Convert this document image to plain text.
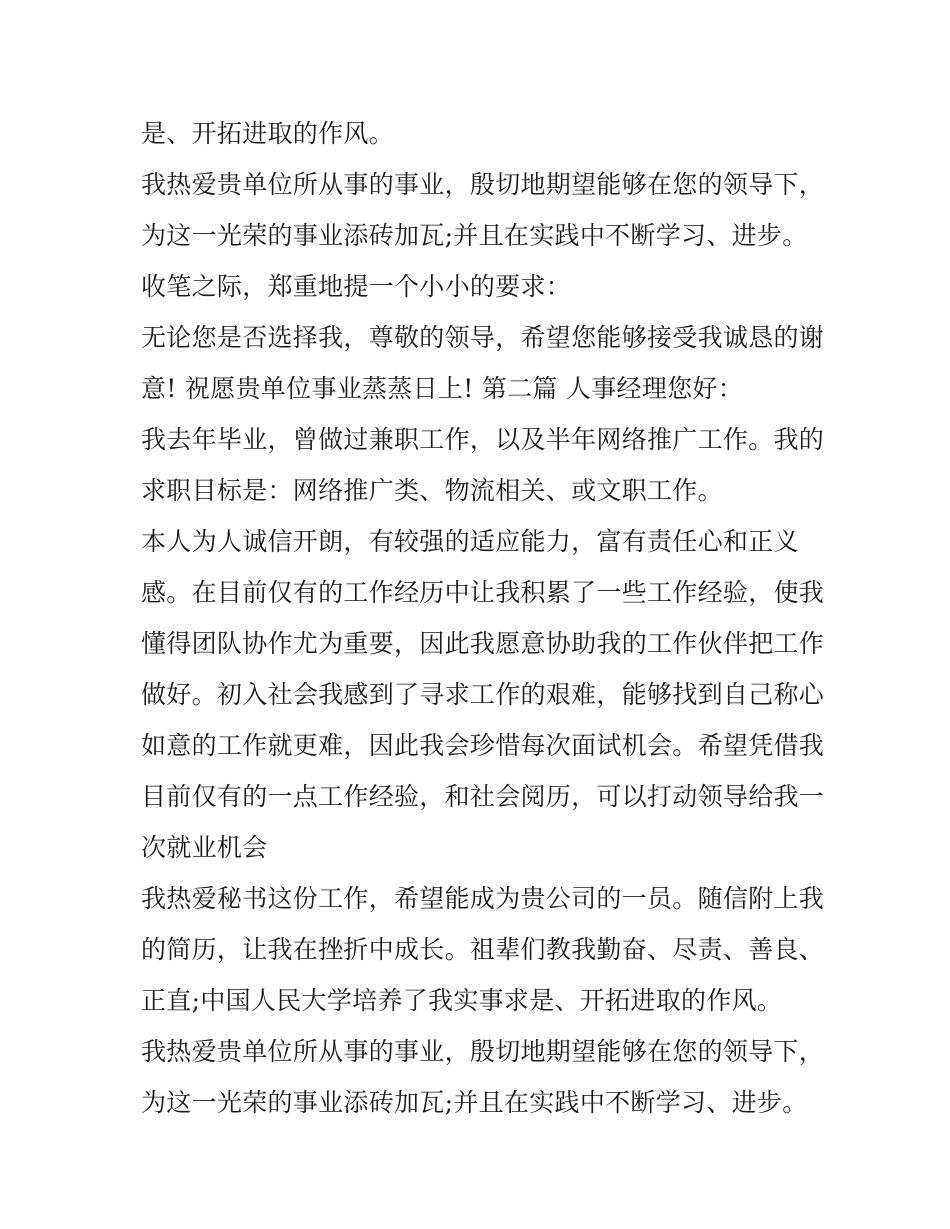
是、开拓进取的作风。
我热爱贵单位所从事的事业，殷切地期望能够在您的领导下，
为这一光荣的事业添砖加瓦;并且在实践中不断学习、进步。
收笔之际，郑重地提一个小小的要求：
无论您是否选择我，尊敬的领导，希望您能够接受我诚恳的谢
意! 祝愿贵单位事业蒸蒸日上! 第二篇 人事经理您好：
我去年毕业，曾做过兼职工作，以及半年网络推广工作。我的
求职目标是：网络推广类、物流相关、或文职工作。
本人为人诚信开朗，有较强的适应能力，富有责任心和正义
感。在目前仅有的工作经历中让我积累了一些工作经验，使我
懂得团队协作尤为重要，因此我愿意协助我的工作伙伴把工作
做好。初入社会我感到了寻求工作的艰难，能够找到自己称心
如意的工作就更难，因此我会珍惜每次面试机会。希望凭借我
目前仅有的一点工作经验，和社会阅历，可以打动领导给我一
次就业机会
我热爱秘书这份工作，希望能成为贵公司的一员。随信附上我
的简历，让我在挫折中成长。祖辈们教我勤奋、尽责、善良、
正直;中国人民大学培养了我实事求是、开拓进取的作风。
我热爱贵单位所从事的事业，殷切地期望能够在您的领导下，
为这一光荣的事业添砖加瓦;并且在实践中不断学习、进步。
